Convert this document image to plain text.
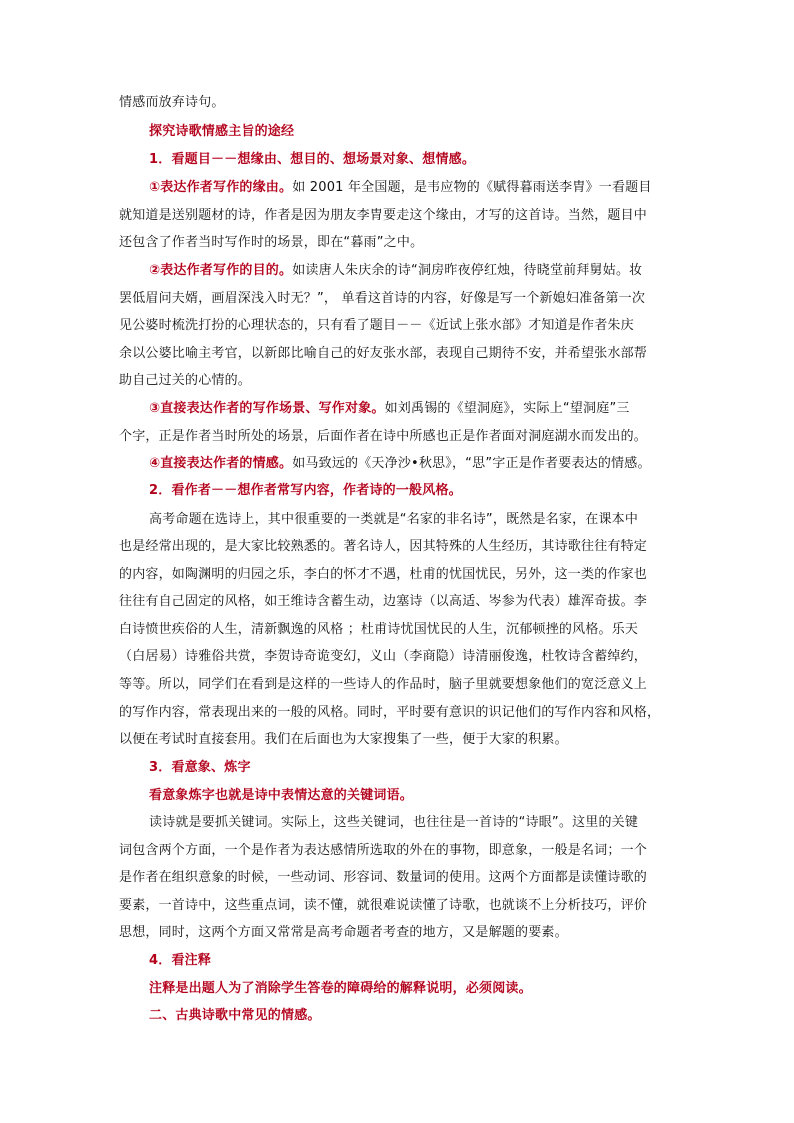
情感而放弃诗句。
探究诗歌情感主旨的途经
1．看题目－－想缘由、想目的、想场景对象、想情感。
①表达作者写作的缘由。如 2001 年全国题，是韦应物的《赋得暮雨送李胄》一看题目
就知道是送别题材的诗，作者是因为朋友李胄要走这个缘由，才写的这首诗。当然，题目中
还包含了作者当时写作时的场景，即在“暮雨”之中。
②表达作者写作的目的。如读唐人朱庆余的诗“洞房昨夜停红烛，待晓堂前拜舅姑。妆
罢低眉问夫婿，画眉深浅入时无？”， 单看这首诗的内容，好像是写一个新媳妇准备第一次
见公婆时梳洗打扮的心理状态的，只有看了题目－－《近试上张水部》才知道是作者朱庆
余以公婆比喻主考官，以新郎比喻自己的好友张水部，表现自己期待不安，并希望张水部帮
助自己过关的心情的。
③直接表达作者的写作场景、写作对象。如刘禹锡的《望洞庭》，实际上“望洞庭”三
个字，正是作者当时所处的场景，后面作者在诗中所感也正是作者面对洞庭湖水而发出的。
④直接表达作者的情感。如马致远的《天净沙•秋思》，“思”字正是作者要表达的情感。
2．看作者－－想作者常写内容，作者诗的一般风格。
高考命题在选诗上，其中很重要的一类就是“名家的非名诗”，既然是名家，在课本中
也是经常出现的，是大家比较熟悉的。著名诗人，因其特殊的人生经历，其诗歌往往有特定
的内容，如陶渊明的归园之乐，李白的怀才不遇，杜甫的忧国忧民，另外，这一类的作家也
往往有自己固定的风格，如王维诗含蓄生动，边塞诗（以高适、岑参为代表）雄浑奇拔。李
白诗愤世疾俗的人生，清新飘逸的风格 ；杜甫诗忧国忧民的人生，沉郁顿挫的风格。乐天
（白居易）诗雅俗共赏，李贺诗奇诡变幻，义山（李商隐）诗清丽俊逸，杜牧诗含蓄绰约，
等等。所以，同学们在看到是这样的一些诗人的作品时，脑子里就要想象他们的宽泛意义上
的写作内容，常表现出来的一般的风格。同时，平时要有意识的识记他们的写作内容和风格，
以便在考试时直接套用。我们在后面也为大家搜集了一些，便于大家的积累。
3．看意象、炼字
看意象炼字也就是诗中表情达意的关键词语。
读诗就是要抓关键词。实际上，这些关键词，也往往是一首诗的“诗眼”。这里的关键
词包含两个方面，一个是作者为表达感情所选取的外在的事物，即意象，一般是名词；一个
是作者在组织意象的时候，一些动词、形容词、数量词的使用。这两个方面都是读懂诗歌的
要素，一首诗中，这些重点词，读不懂，就很难说读懂了诗歌，也就谈不上分析技巧，评价
思想，同时，这两个方面又常常是高考命题者考查的地方，又是解题的要素。
4．看注释
注释是出题人为了消除学生答卷的障碍给的解释说明，必须阅读。
二、古典诗歌中常见的情感。
